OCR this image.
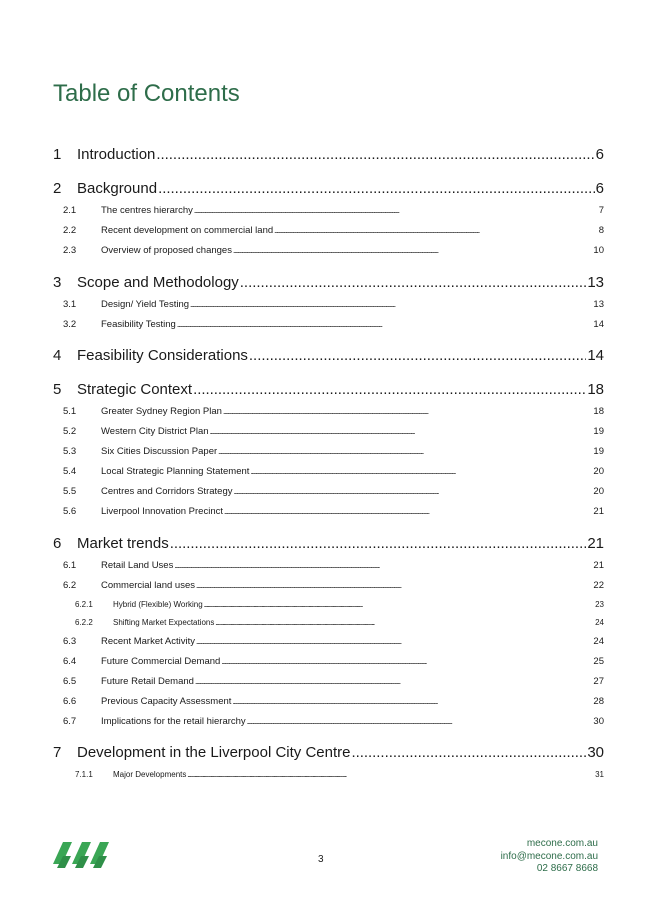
Table of Contents
1	Introduction . . .	6
2	Background . . .	6
2.1	The centres hierarchy . . .	7
2.2	Recent development on commercial land . . .	8
2.3	Overview of proposed changes . . .	10
3	Scope and Methodology . . .	13
3.1	Design/ Yield Testing . . .	13
3.2	Feasibility Testing . . .	14
4	Feasibility Considerations . . .	14
5	Strategic Context . . .	18
5.1	Greater Sydney Region Plan . . .	18
5.2	Western City District Plan . . .	19
5.3	Six Cities Discussion Paper . . .	19
5.4	Local Strategic Planning Statement . . .	20
5.5	Centres and Corridors Strategy . . .	20
5.6	Liverpool Innovation Precinct . . .	21
6	Market trends . . .	21
6.1	Retail Land Uses . . .	21
6.2	Commercial land uses . . .	22
6.2.1	Hybrid (Flexible) Working . . .	23
6.2.2	Shifting Market Expectations . . .	24
6.3	Recent Market Activity . . .	24
6.4	Future Commercial Demand . . .	25
6.5	Future Retail Demand . . .	27
6.6	Previous Capacity Assessment . . .	28
6.7	Implications for the retail hierarchy . . .	30
7	Development in the Liverpool City Centre . . .	30
7.1.1	Major Developments . . .	31
3
mecone.com.au
info@mecone.com.au
02 8667 8668
